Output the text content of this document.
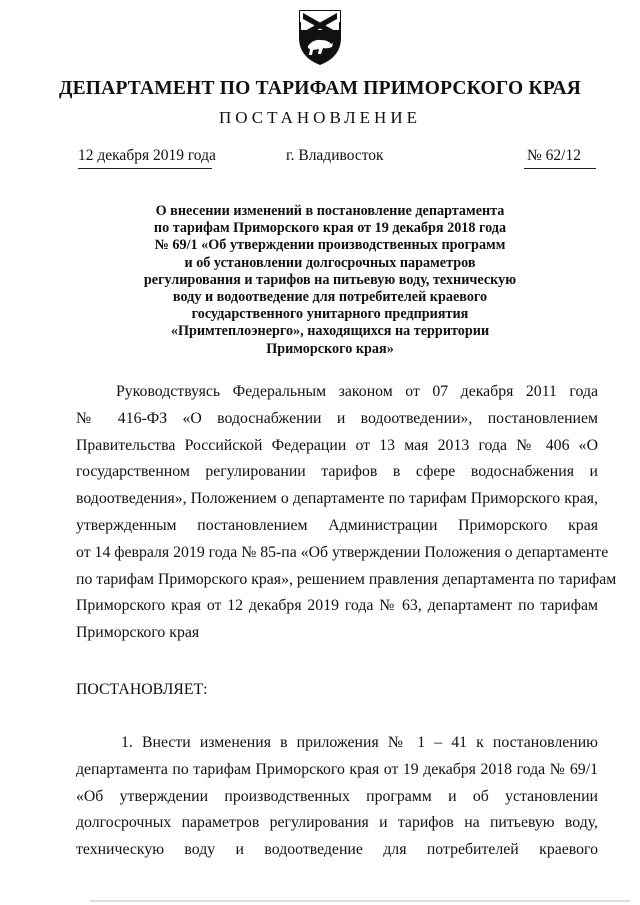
ДЕПАРТАМЕНТ ПО ТАРИФАМ ПРИМОРСКОГО КРАЯ
ПОСТАНОВЛЕНИЕ
12 декабря 2019 года	г. Владивосток	№ 62/12
О внесении изменений в постановление департамента
по тарифам Приморского края от 19 декабря 2018 года
№ 69/1 «Об утверждении производственных программ
и об установлении долгосрочных параметров
регулирования и тарифов на питьевую воду, техническую
воду и водоотведение для потребителей краевого
государственного унитарного предприятия
«Примтеплоэнерго», находящихся на территории
Приморского края»
Руководствуясь Федеральным законом от 07 декабря 2011 года
№ 416-ФЗ «О водоснабжении и водоотведении», постановлением
Правительства Российской Федерации от 13 мая 2013 года № 406 «О
государственном регулировании тарифов в сфере водоснабжения и
водоотведения», Положением о департаменте по тарифам Приморского края,
утвержденным постановлением Администрации Приморского края
от 14 февраля 2019 года № 85-па «Об утверждении Положения о департаменте
по тарифам Приморского края», решением правления департамента по тарифам
Приморского края от 12 декабря 2019 года № 63, департамент по тарифам
Приморского края
ПОСТАНОВЛЯЕТ:
1. Внести изменения в приложения № 1 – 41 к постановлению
департамента по тарифам Приморского края от 19 декабря 2018 года № 69/1
«Об утверждении производственных программ и об установлении
долгосрочных параметров регулирования и тарифов на питьевую воду,
техническую воду и водоотведение для потребителей краевого
